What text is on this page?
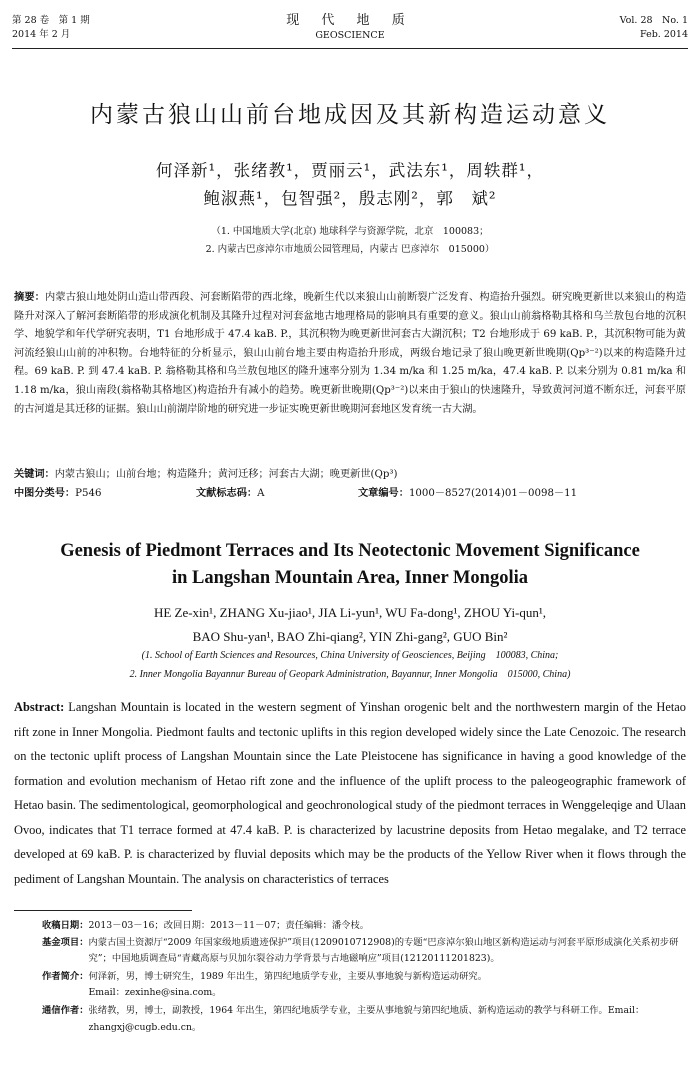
第 28 卷　第 1 期
2014 年 2 月
现 代 地 质
GEOSCIENCE
Vol. 28　No. 1
Feb. 2014
内蒙古狼山山前台地成因及其新构造运动意义
何泽新¹，张绪教¹，贾丽云¹，武法东¹，周轶群¹，
鲍淑燕¹，包智强²，殷志刚²，郭　斌²
（1. 中国地质大学(北京) 地球科学与资源学院，北京　100083；
2. 内蒙古巴彦淖尔市地质公园管理局，内蒙古 巴彦淖尔　015000）
摘要：内蒙古狼山地处阴山造山带西段、河套断陷带的西北缘，晚新生代以来狼山山前断裂广泛发育、构造抬升强烈。研究晚更新世以来狼山的构造隆升对深入了解河套断陷带的形成演化机制及其隆升过程对河套盆地古地理格局的影响具有重要的意义。狼山山前翁格勒其格和乌兰敖包台地的沉积学、地貌学和年代学研究表明，T1 台地形成于 47.4 kaB. P.，其沉积物为晚更新世河套古大湖沉积；T2 台地形成于 69 kaB. P.，其沉积物可能为黄河流经狼山山前的冲积物。台地特征的分析显示，狼山山前台地主要由构造抬升形成，两级台地记录了狼山晚更新世晚期(Qp³⁻²)以来的构造隆升过程。69 kaB. P. 到 47.4 kaB. P. 翁格勒其格和乌兰敖包地区的隆升速率分别为 1.34 m/ka 和 1.25 m/ka，47.4 kaB. P. 以来分别为 0.81 m/ka 和 1.18 m/ka，狼山南段(翁格勒其格地区)构造抬升有减小的趋势。晚更新世晚期(Qp³⁻²)以来由于狼山的快速隆升，导致黄河河道不断东迁，河套平原的古河道是其迁移的证据。狼山山前湖岸阶地的研究进一步证实晚更新世晚期河套地区发育统一古大湖。
关键词：内蒙古狼山；山前台地；构造隆升；黄河迁移；河套古大湖；晚更新世(Qp³)
中图分类号：P546	文献标志码：A	文章编号：1000－8527(2014)01－0098－11
Genesis of Piedmont Terraces and Its Neotectonic Movement Significance
in Langshan Mountain Area, Inner Mongolia
HE Ze-xin¹, ZHANG Xu-jiao¹, JIA Li-yun¹, WU Fa-dong¹, ZHOU Yi-qun¹,
BAO Shu-yan¹, BAO Zhi-qiang², YIN Zhi-gang², GUO Bin²
(1. School of Earth Sciences and Resources, China University of Geosciences, Beijing　100083, China;
2. Inner Mongolia Bayannur Bureau of Geopark Administration, Bayannur, Inner Mongolia　015000, China)
Abstract: Langshan Mountain is located in the western segment of Yinshan orogenic belt and the northwestern margin of the Hetao rift zone in Inner Mongolia. Piedmont faults and tectonic uplifts in this region developed widely since the Late Cenozoic. The research on the tectonic uplift process of Langshan Mountain since the Late Pleistocene has significance in having a good knowledge of the formation and evolution mechanism of Hetao rift zone and the influence of the uplift process to the paleogeographic framework of Hetao basin. The sedimentological, geomorphological and geochronological study of the piedmont terraces in Wenggeleqige and Ulaan Ovoo, indicates that T1 terrace formed at 47.4 kaB. P. is characterized by lacustrine deposits from Hetao megalake, and T2 terrace developed at 69 kaB. P. is characterized by fluvial deposits which may be the products of the Yellow River when it flows through the pediment of Langshan Mountain. The analysis on characteristics of terraces
收稿日期： 2013－03－16；改回日期：2013－11－07；责任编辑：潘令枝。
基金项目： 内蒙古国土资源厅“2009 年国家级地质遗迹保护”项目(1209010712908)的专题“巴彦淖尔狼山地区新构造运动与河套平原形成演化关系初步研究”；中国地质调查局“青藏高原与贝加尔裂谷动力学背景与古地磁响应”项目(12120111201823)。
作者简介： 何泽新，男，博士研究生，1989 年出生，第四纪地质学专业，主要从事地貌与新构造运动研究。
Email：zexinhe@sina.com。
通信作者： 张绪教，男，博士，副教授，1964 年出生，第四纪地质学专业，主要从事地貌与第四纪地质、新构造运动的教学与科研工作。Email：zhangxj@cugb.edu.cn。
